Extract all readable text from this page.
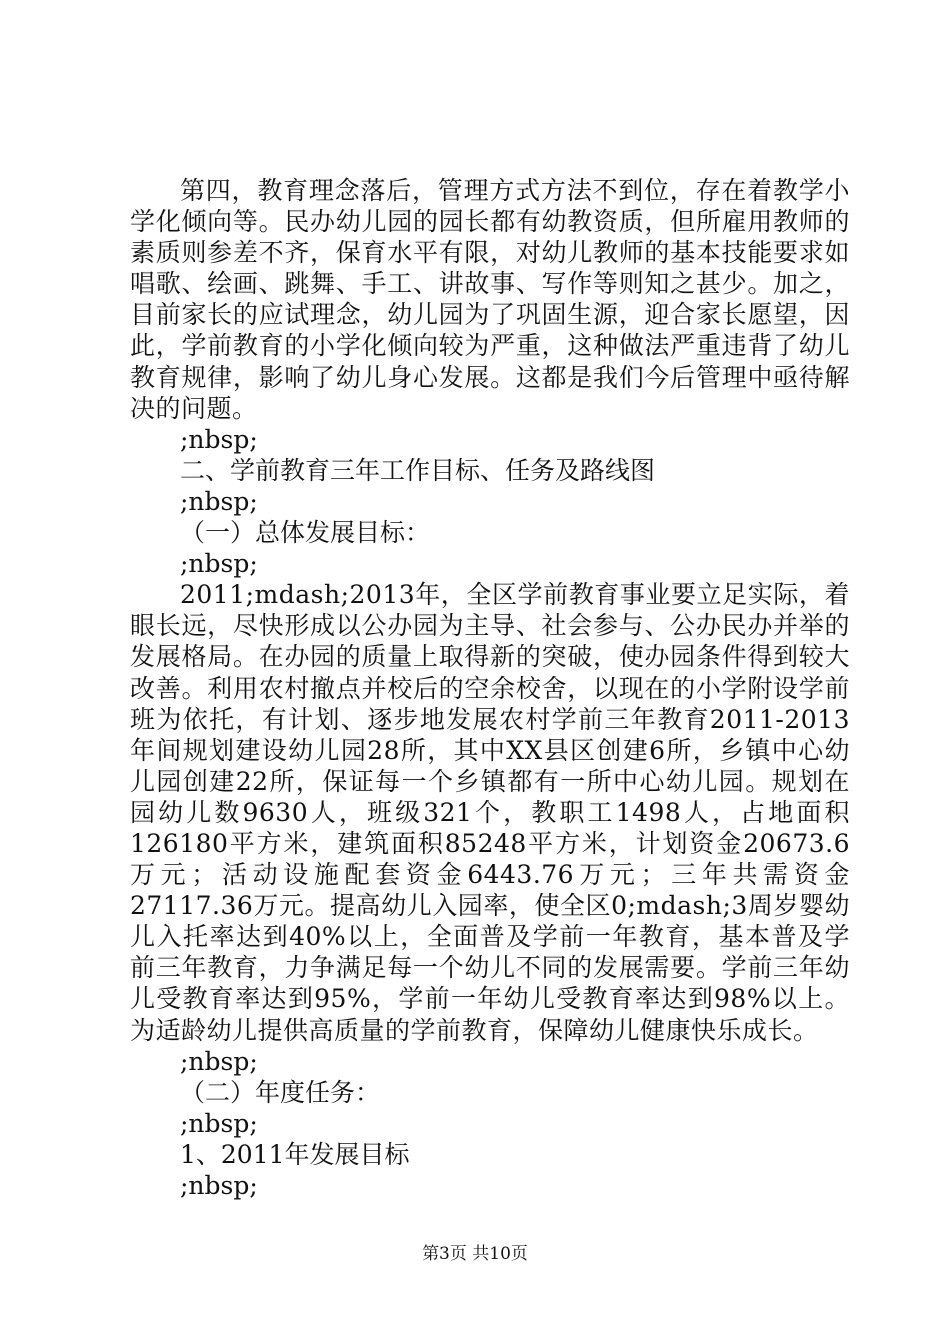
第四，教育理念落后，管理方式方法不到位，存在着教学小学化倾向等。民办幼儿园的园长都有幼教资质，但所雇用教师的素质则参差不齐，保育水平有限，对幼儿教师的基本技能要求如唱歌、绘画、跳舞、手工、讲故事、写作等则知之甚少。加之，目前家长的应试理念，幼儿园为了巩固生源，迎合家长愿望，因此，学前教育的小学化倾向较为严重，这种做法严重违背了幼儿教育规律，影响了幼儿身心发展。这都是我们今后管理中亟待解决的问题。

;nbsp;

二、学前教育三年工作目标、任务及路线图

;nbsp;

（一）总体发展目标：

;nbsp;

2011;mdash;2013年，全区学前教育事业要立足实际，着眼长远，尽快形成以公办园为主导、社会参与、公办民办并举的发展格局。在办园的质量上取得新的突破，使办园条件得到较大改善。利用农村撤点并校后的空余校舍，以现在的小学附设学前班为依托，有计划、逐步地发展农村学前三年教育2011-2013年间规划建设幼儿园28所，其中XX县区创建6所，乡镇中心幼儿园创建22所，保证每一个乡镇都有一所中心幼儿园。规划在园幼儿数9630人，班级321个，教职工1498人，占地面积126180平方米，建筑面积85248平方米，计划资金20673.6万元；活动设施配套资金6443.76万元；三年共需资金27117.36万元。提高幼儿入园率，使全区0;mdash;3周岁婴幼儿入托率达到40%以上，全面普及学前一年教育，基本普及学前三年教育，力争满足每一个幼儿不同的发展需要。学前三年幼儿受教育率达到95%，学前一年幼儿受教育率达到98%以上。为适龄幼儿提供高质量的学前教育，保障幼儿健康快乐成长。

;nbsp;

（二）年度任务：

;nbsp;

1、2011年发展目标

;nbsp;

第3页 共10页
